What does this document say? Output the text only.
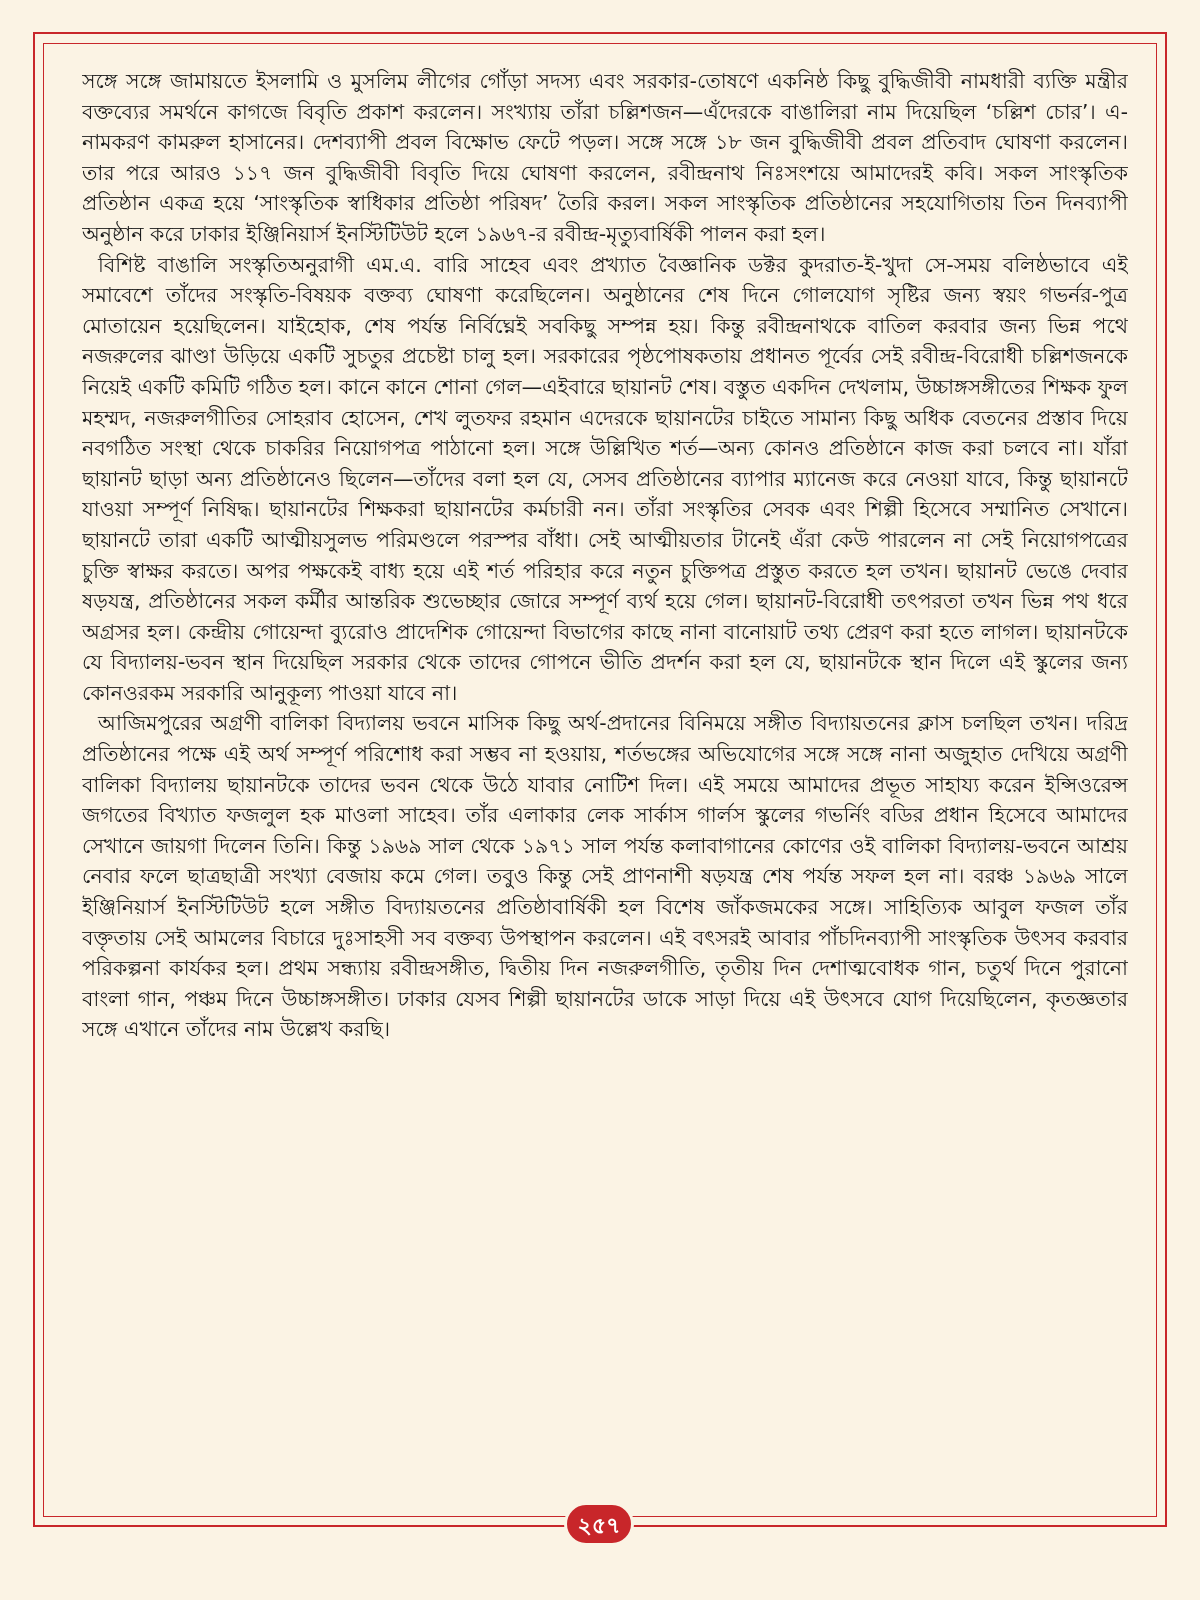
সঙ্গে সঙ্গে জামায়তে ইসলামি ও মুসলিম লীগের গোঁড়া সদস্য এবং সরকার-তোষণে একনিষ্ঠ কিছু বুদ্ধিজীবী নামধারী ব্যক্তি মন্ত্রীর বক্তব্যের সমর্থনে কাগজে বিবৃতি প্রকাশ করলেন। সংখ্যায় তাঁরা চল্লিশজন—এঁদেরকে বাঙালিরা নাম দিয়েছিল ‘চল্লিশ চোর’। এ-নামকরণ কামরুল হাসানের। দেশব্যাপী প্রবল বিক্ষোভ ফেটে পড়ল। সঙ্গে সঙ্গে ১৮ জন বুদ্ধিজীবী প্রবল প্রতিবাদ ঘোষণা করলেন। তার পরে আরও ১১৭ জন বুদ্ধিজীবী বিবৃতি দিয়ে ঘোষণা করলেন, রবীন্দ্রনাথ নিঃসংশয়ে আমাদেরই কবি। সকল সাংস্কৃতিক প্রতিষ্ঠান একত্র হয়ে ‘সাংস্কৃতিক স্বাধিকার প্রতিষ্ঠা পরিষদ’ তৈরি করল। সকল সাংস্কৃতিক প্রতিষ্ঠানের সহযোগিতায় তিন দিনব্যাপী অনুষ্ঠান করে ঢাকার ইঞ্জিনিয়ার্স ইনস্টিটিউট হলে ১৯৬৭-র রবীন্দ্র-মৃত্যুবার্ষিকী পালন করা হল।

বিশিষ্ট বাঙালি সংস্কৃতিঅনুরাগী এম.এ. বারি সাহেব এবং প্রখ্যাত বৈজ্ঞানিক ডক্টর কুদরাত-ই-খুদা সে-সময় বলিষ্ঠভাবে এই সমাবেশে তাঁদের সংস্কৃতি-বিষয়ক বক্তব্য ঘোষণা করেছিলেন। অনুষ্ঠানের শেষ দিনে গোলযোগ সৃষ্টির জন্য স্বয়ং গভর্নর-পুত্র মোতায়েন হয়েছিলেন। যাইহোক, শেষ পর্যন্ত নির্বিঘ্নেই সবকিছু সম্পন্ন হয়। কিন্তু রবীন্দ্রনাথকে বাতিল করবার জন্য ভিন্ন পথে নজরুলের ঝাণ্ডা উড়িয়ে একটি সুচতুর প্রচেষ্টা চালু হল। সরকারের পৃষ্ঠপোষকতায় প্রধানত পূর্বের সেই রবীন্দ্র-বিরোধী চল্লিশজনকে নিয়েই একটি কমিটি গঠিত হল। কানে কানে শোনা গেল—এইবারে ছায়ানট শেষ। বস্তুত একদিন দেখলাম, উচ্চাঙ্গসঙ্গীতের শিক্ষক ফুল মহম্মদ, নজরুলগীতির সোহরাব হোসেন, শেখ লুতফর রহমান এদেরকে ছায়ানটের চাইতে সামান্য কিছু অধিক বেতনের প্রস্তাব দিয়ে নবগঠিত সংস্থা থেকে চাকরির নিয়োগপত্র পাঠানো হল। সঙ্গে উল্লিখিত শর্ত—অন্য কোনও প্রতিষ্ঠানে কাজ করা চলবে না। যাঁরা ছায়ানট ছাড়া অন্য প্রতিষ্ঠানেও ছিলেন—তাঁদের বলা হল যে, সেসব প্রতিষ্ঠানের ব্যাপার ম্যানেজ করে নেওয়া যাবে, কিন্তু ছায়ানটে যাওয়া সম্পূর্ণ নিষিদ্ধ। ছায়ানটের শিক্ষকরা ছায়ানটের কর্মচারী নন। তাঁরা সংস্কৃতির সেবক এবং শিল্পী হিসেবে সম্মানিত সেখানে। ছায়ানটে তারা একটি আত্মীয়সুলভ পরিমণ্ডলে পরস্পর বাঁধা। সেই আত্মীয়তার টানেই এঁরা কেউ পারলেন না সেই নিয়োগপত্রের চুক্তি স্বাক্ষর করতে। অপর পক্ষকেই বাধ্য হয়ে এই শর্ত পরিহার করে নতুন চুক্তিপত্র প্রস্তুত করতে হল তখন। ছায়ানট ভেঙে দেবার ষড়যন্ত্র, প্রতিষ্ঠানের সকল কর্মীর আন্তরিক শুভেচ্ছার জোরে সম্পূর্ণ ব্যর্থ হয়ে গেল। ছায়ানট-বিরোধী তৎপরতা তখন ভিন্ন পথ ধরে অগ্রসর হল। কেন্দ্রীয় গোয়েন্দা ব্যুরোও প্রাদেশিক গোয়েন্দা বিভাগের কাছে নানা বানোয়াট তথ্য প্রেরণ করা হতে লাগল। ছায়ানটকে যে বিদ্যালয়-ভবন স্থান দিয়েছিল সরকার থেকে তাদের গোপনে ভীতি প্রদর্শন করা হল যে, ছায়ানটকে স্থান দিলে এই স্কুলের জন্য কোনওরকম সরকারি আনুকূল্য পাওয়া যাবে না।

আজিমপুরের অগ্রণী বালিকা বিদ্যালয় ভবনে মাসিক কিছু অর্থ-প্রদানের বিনিময়ে সঙ্গীত বিদ্যায়তনের ক্লাস চলছিল তখন। দরিদ্র প্রতিষ্ঠানের পক্ষে এই অর্থ সম্পূর্ণ পরিশোধ করা সম্ভব না হওয়ায়, শর্তভঙ্গের অভিযোগের সঙ্গে সঙ্গে নানা অজুহাত দেখিয়ে অগ্রণী বালিকা বিদ্যালয় ছায়ানটকে তাদের ভবন থেকে উঠে যাবার নোটিশ দিল। এই সময়ে আমাদের প্রভূত সাহায্য করেন ইন্সিওরেন্স জগতের বিখ্যাত ফজলুল হক মাওলা সাহেব। তাঁর এলাকার লেক সার্কাস গার্লস স্কুলের গভর্নিং বডির প্রধান হিসেবে আমাদের সেখানে জায়গা দিলেন তিনি। কিন্তু ১৯৬৯ সাল থেকে ১৯৭১ সাল পর্যন্ত কলাবাগানের কোণের ওই বালিকা বিদ্যালয়-ভবনে আশ্রয় নেবার ফলে ছাত্রছাত্রী সংখ্যা বেজায় কমে গেল। তবুও কিন্তু সেই প্রাণনাশী ষড়যন্ত্র শেষ পর্যন্ত সফল হল না। বরঞ্চ ১৯৬৯ সালে ইঞ্জিনিয়ার্স ইনস্টিটিউট হলে সঙ্গীত বিদ্যায়তনের প্রতিষ্ঠাবার্ষিকী হল বিশেষ জাঁকজমকের সঙ্গে। সাহিত্যিক আবুল ফজল তাঁর বক্তৃতায় সেই আমলের বিচারে দুঃসাহসী সব বক্তব্য উপস্থাপন করলেন। এই বৎসরই আবার পাঁচদিনব্যাপী সাংস্কৃতিক উৎসব করবার পরিকল্পনা কার্যকর হল। প্রথম সন্ধ্যায় রবীন্দ্রসঙ্গীত, দ্বিতীয় দিন নজরুলগীতি, তৃতীয় দিন দেশাত্মবোধক গান, চতুর্থ দিনে পুরানো বাংলা গান, পঞ্চম দিনে উচ্চাঙ্গসঙ্গীত। ঢাকার যেসব শিল্পী ছায়ানটের ডাকে সাড়া দিয়ে এই উৎসবে যোগ দিয়েছিলেন, কৃতজ্ঞতার সঙ্গে এখানে তাঁদের নাম উল্লেখ করছি।

২৫৭
